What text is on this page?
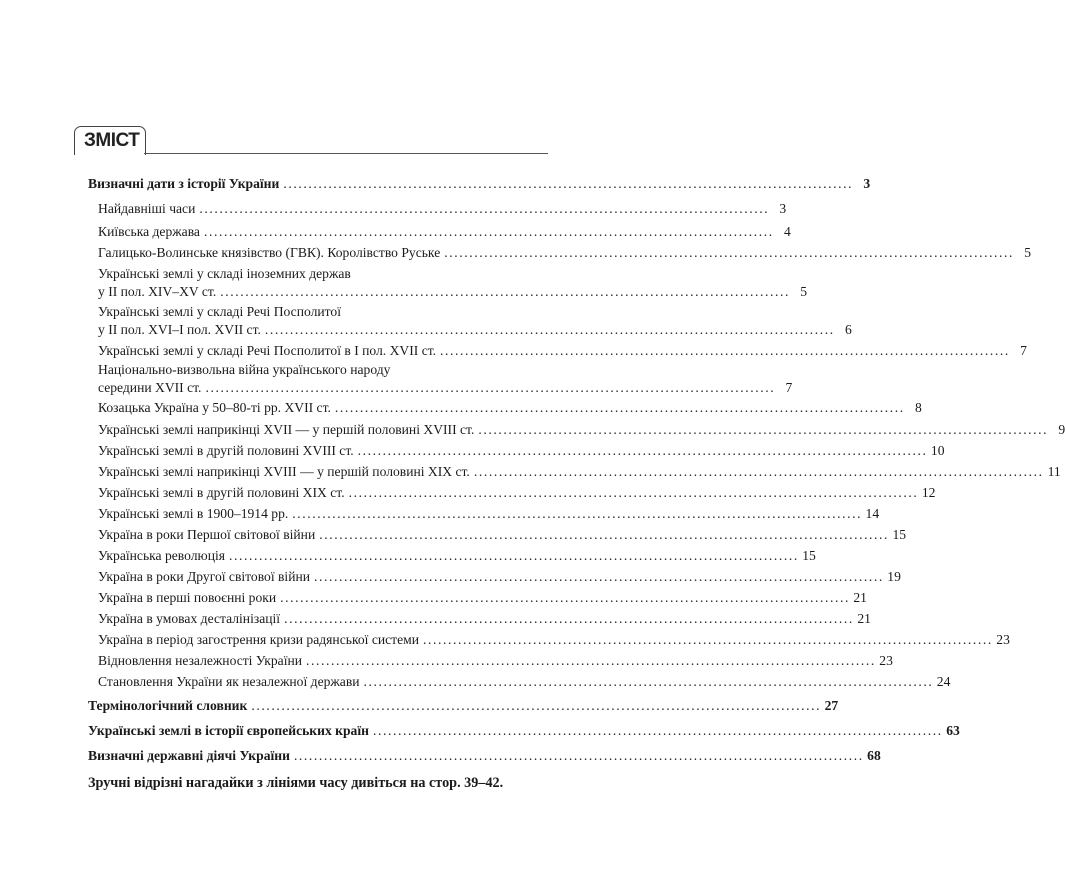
ЗМІСТ
Визначні дати з історії України .................................................................................................................. 3
Найдавніші часи .................................................................................................................. 3
Київська держава .................................................................................................................. 4
Галицько-Волинське князівство (ГВК). Королівство Руське .................................................................................................................. 5
Українські землі у складі іноземних держав
у ІІ пол. XIV–XV ст. .................................................................................................................. 5
Українські землі у складі Речі Посполитої
у ІІ пол. XVI–I пол. XVII ст. .................................................................................................................. 6
Українські землі у складі Речі Посполитої в І пол. XVII ст. .................................................................................................................. 7
Національно-визвольна війна українського народу
середини XVII ст. .................................................................................................................. 7
Козацька Україна у 50–80-ті рр. XVII ст. .................................................................................................................. 8
Українські землі наприкінці XVII — у першій половині XVIII ст. .................................................................................................................. 9
Українські землі в другій половині XVIII ст. .................................................................................................................. 10
Українські землі наприкінці XVIII — у першій половині XIX ст. .................................................................................................................. 11
Українські землі в другій половині XIX ст. .................................................................................................................. 12
Українські землі в 1900–1914 рр. .................................................................................................................. 14
Україна в роки Першої світової війни .................................................................................................................. 15
Українська революція .................................................................................................................. 15
Україна в роки Другої світової війни .................................................................................................................. 19
Україна в перші повоєнні роки .................................................................................................................. 21
Україна в умовах десталінізації .................................................................................................................. 21
Україна в період загострення кризи радянської системи .................................................................................................................. 23
Відновлення незалежності України .................................................................................................................. 23
Становлення України як незалежної держави .................................................................................................................. 24
Термінологічний словник .................................................................................................................. 27
Українські землі в історії європейських країн .................................................................................................................. 63
Визначні державні діячі України .................................................................................................................. 68
Зручні відрізні нагадайки з лініями часу дивіться на стор. 39–42.
